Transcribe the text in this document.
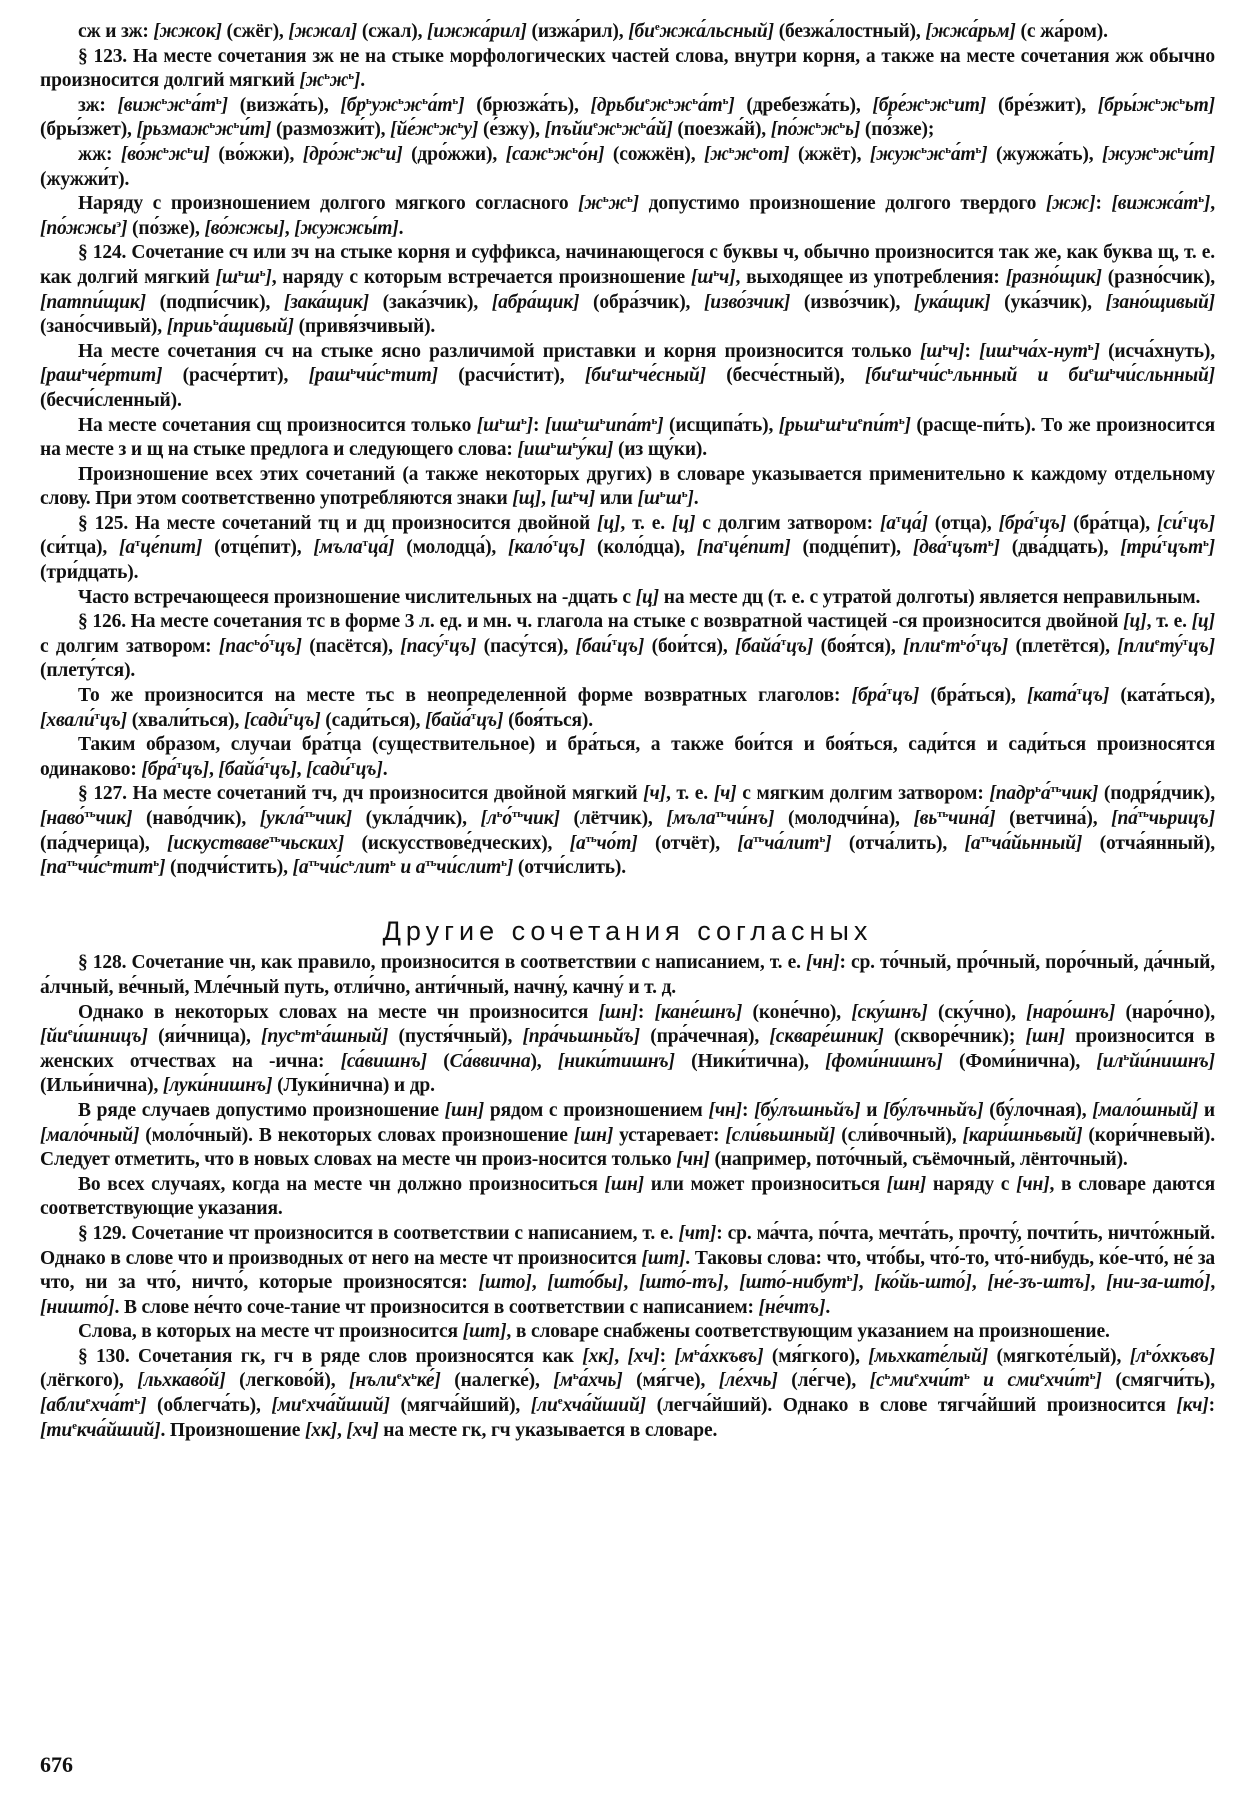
сж и зж: [жжок] (сжёг), [жжал] (сжал), [ижжа́рил] (изжа́рил), $[би^ежжа́льсный]$ (безжа́лостный), [жжа́рьм] (с жа́ром).

§ 123. На месте сочетания зж не на стыке морфологических частей слова, внутри корня, а также на месте сочетания жж обычно произносится долгий мягкий $[ж^ьж^ь]$.

зж: $[виж^ьж^ьа́т^ь]$ (визжа́ть), $[бр^ьуж^ьж^ьа́т^ь]$ (брюзжа́ть), $[дрьби^еж^ьж^ьа́т^ь]$ (дребезжа́ть), $[бре́ж^ьж^ьит]$ (бре́зжит), $[бры́ж^ьж^ььт]$ (бры́зжет), $[рьзмаж^ьж^ьи́т]$ (размозжи́т), $[йе́ж^ьж^ьу]$ (е́зжу), $[пъйи^еж^ьж^ьа́й]$ (поезжа́й), $[по́ж^ьж^ьь]$ (по́зже);

жж: $[во́ж^ьж^ьи]$ (во́жжи), $[дро́ж^ьж^ьи]$ (дро́жжи), $[саж^ьж^ьо́н]$ (сожжён), $[ж^ьж^ьот]$ (жжёт), $[жуж^ьж^ьа́т^ь]$ (жужжа́ть), $[жуж^ьж^ьи́т]$ (жужжи́т).

Наряду с произношением долгого мягкого согласного $[ж^ьж^ь]$ допустимо произношение долгого твердого [жж]: $[вижжа́т^ь]$, [по́жжы$^э$] (по́зже), [во́жжы], [жужжы́т].

§ 124. Сочетание сч или зч на стыке корня и суффикса, начинающегося с буквы ч, обычно произносится так же, как буква щ, т. е. как долгий мягкий $[ш^ьш^ь]$, наряду с которым встречается произношение $[ш^ьч]$, выходящее из употребления: [разно́щик] (разно́счик), [патпи́щик] (подпи́счик), [зака́щик] (зака́зчик), [абра́щик] (обра́зчик), [изво́зчик] (изво́зчик), [ука́щик] (ука́зчик), [зано́щивый] (зано́счивый), [приь$^ь$а́щивый] (привя́зчивый).

На месте сочетания сч на стыке ясно различимой приставки и корня произносится только $[ш^ьч]$: $[иш^ьча́х-нут^ь]$ (исча́хнуть), [раш$^ь$че́ртит] (расче́ртит), $[раш^ьчи́с^ьтит]$ (расчи́стит), $[би^еш^ьче́сный]$ (бесче́стный), [$би^еш^ьчи́с^ьльнный$ и $би^еш^ьчи́сльнный$] (бесчи́сленный).

На месте сочетания сщ произносится только $[ш^ьш^ь]$: $[иш^ьш^ьипа́т^ь]$ (исщипа́ть), $[рьш^ьш^ьи^епи́т^ь]$ (расще-пи́ть). То же произносится на месте з и щ на стыке предлога и следующего слова: $[иш^ьш^ьу́ки]$ (из щу́ки).

Произношение всех этих сочетаний (а также некоторых других) в словаре указывается применительно к каждому отдельному слову. При этом соответственно употребляются знаки [щ], $[ш^ьч]$ или $[ш^ьш^ь]$.

§ 125. На месте сочетаний тц и дц произносится двойной [ц], т. е. [ц] с долгим затвором: $[а^тца́]$ (отца), [бра́$^т$цъ] (бра́тца), [си́$^т$цъ] (си́тца), $[а^тце́пит]$ (отце́пит), [мъла$^т$ца́] (молодца́), [кало́$^т$цъ] (коло́дца), $[па^тце́пит]$ (подце́пит), [два́$^т$цът$^ь$] (два́дцать), [три́$^т$цът$^ь$] (три́дцать).

Часто встречающееся произношение числительных на -дцать с [ц] на месте дц (т. е. с утратой долготы) является неправильным.

§ 126. На месте сочетания тс в форме 3 л. ед. и мн. ч. глагола на стыке с возвратной частицей -ся произносится двойной [ц], т. е. [ц] с долгим затвором: [пас$^ь$о́$^т$цъ] (пасётся), [пасу́$^т$цъ] (пасу́тся), [баи́$^т$цъ] (бои́тся), [байа́$^т$цъ] (боя́тся), $[пли^ет^ьо́^тцъ]$ (плетётся), [пли$^е$ту́$^т$цъ] (плету́тся).

То же произносится на месте тьс в неопределенной форме возвратных глаголов: [бра́$^т$цъ] (бра́ться), [ката́$^т$цъ] (ката́ться), [хвали́$^т$цъ] (хвали́ться), [сади́$^т$цъ] (сади́ться), [байа́$^т$цъ] (боя́ться).

Таким образом, случаи бра́тца (существительное) и бра́ться, а также бои́тся и боя́ться, сади́тся и сади́ться произносятся одинаково: [бра́$^т$цъ], [байа́$^т$цъ], [сади́$^т$цъ].

§ 127. На месте сочетаний тч, дч произносится двойной мягкий [ч], т. е. [ч] с мягким долгим затвором: [падр$^ь$а́$^{ть}$чик] (подря́дчик), [наво́$^{ть}$чик] (наво́дчик), [укла́$^{ть}$чик] (укла́дчик), $[л^ьо́^{ть}чик]$ (лётчик), [мъла$^{ть}$чи́нъ] (молодчи́на), $[вь^{ть}чина́]$ (ветчина́), [па́$^{ть}$чьрицъ] (па́дчерица), [искуствавe$^{ть}$чьских] (искусствове́дческих), $[а^{ть}чо́т]$ (отчёт), $[а^{ть}ча́лит^ь]$ (отча́лить), $[а^{ть}ча́йьнный]$ (отча́янный), $[па^{ть}чи́с^ьтит^ь]$ (подчи́стить), [$а^{ть}чи́с^ьлит^ь$ и $а^{ть}чи́слит^ь$] (отчи́слить).

Другие сочетания согласных

§ 128. Сочетание чн, как правило, произносится в соответствии с написанием, т. е. [чн]: ср. то́чный, про́чный, поро́чный, да́чный, а́лчный, ве́чный, Мле́чный путь, отли́чно, анти́чный, начну́, качну́ и т. д.

Однако в некоторых словах на месте чн произносится [шн]: [кане́шнъ] (коне́чно), [ску́шнъ] (ску́чно), [наро́шнъ] (наро́чно), $[йи^еи́шницъ]$ (яи́чница), $[пус^ьт^ьа́шный]$ (пустя́чный), [пра́чьшньйъ] (пра́чечная), [скваре́шник] (скворе́чник); [шн] произносится в женских отчествах на -ична: [са́вишнъ] (Са́ввична), [ники́тишнъ] (Ники́тична), [фоми́нишнъ] (Фоми́нична), $[ил^ьйи́нишнъ]$ (Ильи́нична), [луки́нишнъ] (Луки́нична) и др.

В ряде случаев допустимо произношение [шн] рядом с произношением [чн]: [бу́лъшньйъ] и [бу́лъчньйъ] (бу́лочная), [мало́шный] и [мало́чный] (моло́чный). В некоторых словах произношение [шн] устаревает: [сли́вьшный] (сли́вочный), [кари́шньвый] (кори́чневый). Следует отметить, что в новых словах на месте чн произ-носится только [чн] (например, пото́чный, съёмочный, лёнточный).

Во всех случаях, когда на месте чн должно произноситься [шн] или может произноситься [шн] наряду с [чн], в словаре даются соответствующие указания.

§ 129. Сочетание чт произносится в соответствии с написанием, т. е. [чт]: ср. ма́чта, по́чта, мечта́ть, прочту́, почти́ть, ничто́жный. Однако в слове что и производных от него на месте чт произносится [шт]. Таковы слова: что, что́бы, что́-то, что́-нибудь, ко́е-что́, не́ за что, ни за что́, ничто́, которые произносятся: [што], [што́бы], [што́-тъ], [што́-нибут$^ь$], [ко́йь-што́], [не́-зъ-штъ], [ни-за-што́], [ништо́]. В слове не́что соче-тание чт произносится в соответствии с написанием: [не́чтъ].

Слова, в которых на месте чт произносится [шт], в словаре снабжены соответствующим указанием на произношение.

§ 130. Сочетания гк, гч в ряде слов произносятся как [хк], [хч]: $[м^ьа́хкъвъ]$ (мя́гкого), [мьхкате́лый] (мягкоте́лый), $[л^ьо́хкъвъ]$ (лёгкого), [льхкаво́й] (легково́й), $[нъли^ех^ьке́]$ (налегке́), $[м^ьа́хчь]$ (мя́гче), [ле́хчь] (ле́гче), [$с^ьми^ехчи́т^ь$ и $сми^ехчи́т^ь$] (смягчи́ть), $[абли^ехча́т^ь]$ (облегча́ть), $[ми^ехча́йший]$ (мягча́йший), $[ли^ехча́йший]$ (легча́йший). Однако в слове тягча́йший произносится [кч]: $[ти^екча́йший]$. Произношение [хк], [хч] на месте гк, гч указывается в словаре.

676
